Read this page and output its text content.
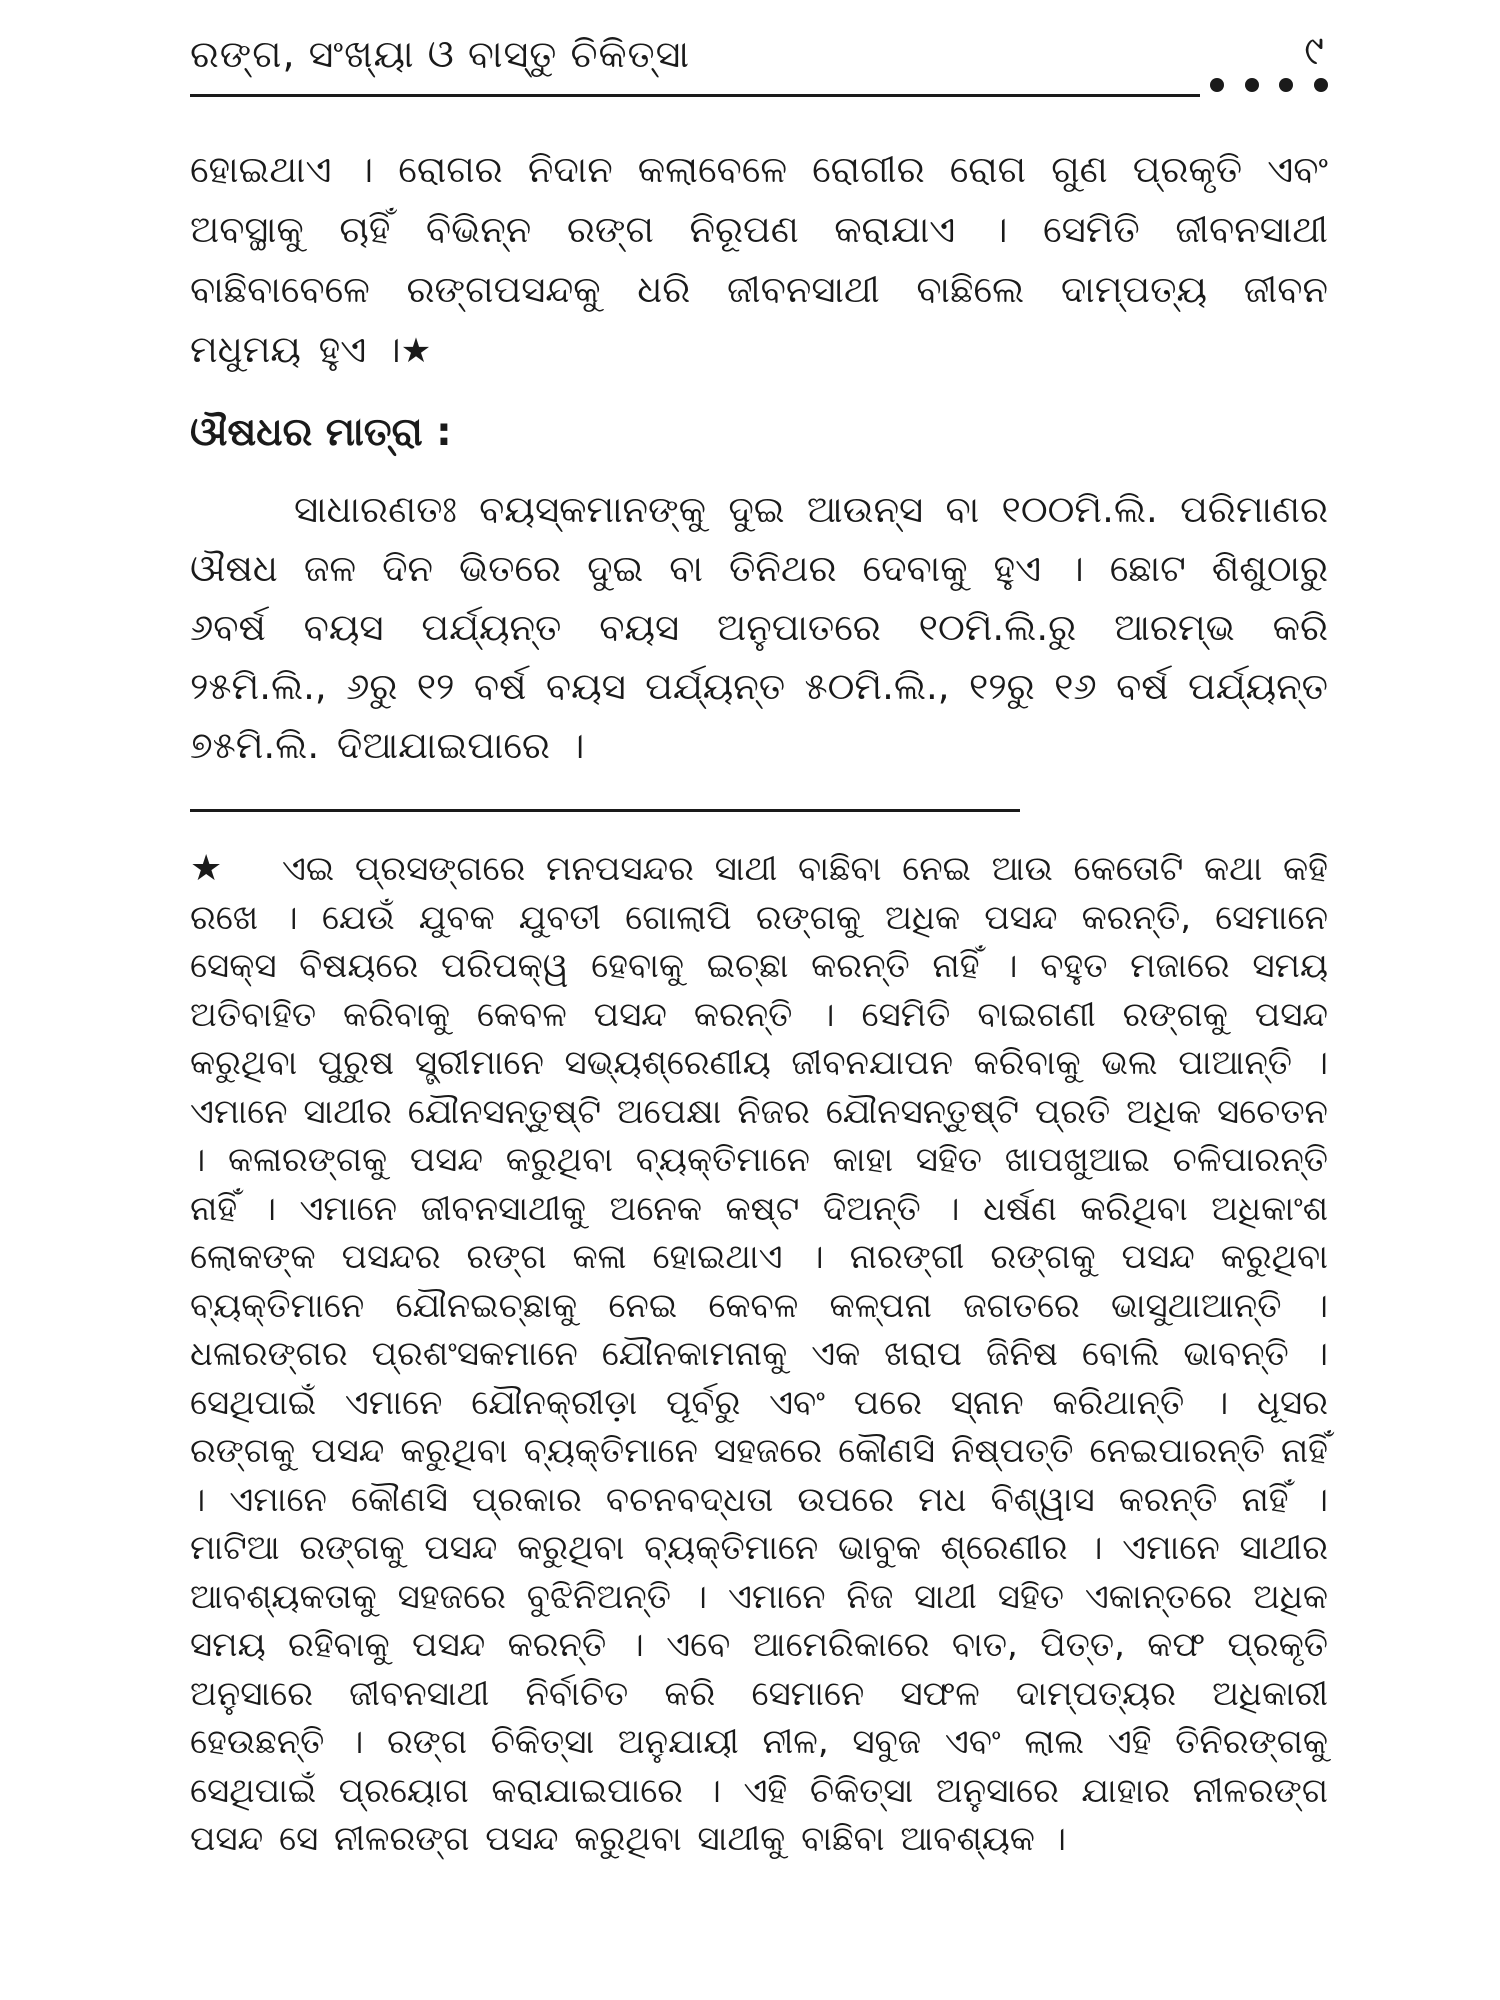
ରଙ୍ଗ, ସଂଖ୍ୟା ଓ ବାସ୍ତୁ ଚିକିତ୍ସା	୯
ହୋଇଥାଏ । ରୋଗର ନିଦାନ କଲାବେଳେ ରୋଗୀର ରୋଗ ଗୁଣ ପ୍ରକୃତି ଏବଂ ଅବସ୍ଥାକୁ ଚାହିଁ ବିଭିନ୍ନ ରଙ୍ଗ ନିରୂପଣ କରାଯାଏ । ସେମିତି ଜୀବନସାଥୀ ବାଛିବାବେଳେ ରଙ୍ଗପସନ୍ଦକୁ ଧରି ଜୀବନସାଥୀ ବାଛିଲେ ଦାମ୍ପତ୍ୟ ଜୀବନ ମଧୁମୟ ହୁଏ ।★
ଔଷଧର ମାତ୍ରା :
ସାଧାରଣତଃ ବୟସ୍କମାନଙ୍କୁ ଦୁଇ ଆଉନ୍ସ ବା ୧୦୦ମି.ଲି. ପରିମାଣର ଔଷଧ ଜଳ ଦିନ ଭିତରେ ଦୁଇ ବା ତିନିଥର ଦେବାକୁ ହୁଏ । ଛୋଟ ଶିଶୁଠାରୁ ୬ବର୍ଷ ବୟସ ପର୍ଯ୍ୟନ୍ତ ବୟସ ଅନୁପାତରେ ୧୦ମି.ଲି.ରୁ ଆରମ୍ଭ କରି ୨୫ମି.ଲି., ୬ରୁ ୧୨ ବର୍ଷ ବୟସ ପର୍ଯ୍ୟନ୍ତ ୫୦ମି.ଲି., ୧୨ରୁ ୧୬ ବର୍ଷ ପର୍ଯ୍ୟନ୍ତ ୭୫ମି.ଲି. ଦିଆଯାଇପାରେ ।
★ ଏଇ ପ୍ରସଙ୍ଗରେ ମନପସନ୍ଦର ସାଥୀ ବାଛିବା ନେଇ ଆଉ କେତୋଟି କଥା କହି ରଖେ । ଯେଉଁ ଯୁବକ ଯୁବତୀ ଗୋଲାପି ରଙ୍ଗକୁ ଅଧିକ ପସନ୍ଦ କରନ୍ତି, ସେମାନେ ସେକ୍ସ ବିଷୟରେ ପରିପକ୍ୱ ହେବାକୁ ଇଚ୍ଛା କରନ୍ତି ନାହିଁ । ବହୁତ ମଜାରେ ସମୟ ଅତିବାହିତ କରିବାକୁ କେବଳ ପସନ୍ଦ କରନ୍ତି । ସେମିତି ବାଇଗଣୀ ରଙ୍ଗକୁ ପସନ୍ଦ କରୁଥିବା ପୁରୁଷ ସ୍ତ୍ରୀମାନେ ସଭ୍ୟଶ୍ରେଣୀୟ ଜୀବନଯାପନ କରିବାକୁ ଭଲ ପାଆନ୍ତି । ଏମାନେ ସାଥୀର ଯୌନସନ୍ତୁଷ୍ଟି ଅପେକ୍ଷା ନିଜର ଯୌନସନ୍ତୁଷ୍ଟି ପ୍ରତି ଅଧିକ ସଚେତନ । କଳାରଙ୍ଗକୁ ପସନ୍ଦ କରୁଥିବା ବ୍ୟକ୍ତିମାନେ କାହା ସହିତ ଖାପଖୁଆଇ ଚଳିପାରନ୍ତି ନାହିଁ । ଏମାନେ ଜୀବନସାଥୀକୁ ଅନେକ କଷ୍ଟ ଦିଅନ୍ତି । ଧର୍ଷଣ କରିଥିବା ଅଧିକାଂଶ ଲୋକଙ୍କ ପସନ୍ଦର ରଙ୍ଗ କଳା ହୋଇଥାଏ । ନାରଙ୍ଗୀ ରଙ୍ଗକୁ ପସନ୍ଦ କରୁଥିବା ବ୍ୟକ୍ତିମାନେ ଯୌନଇଚ୍ଛାକୁ ନେଇ କେବଳ କଳ୍ପନା ଜଗତରେ ଭାସୁଥାଆନ୍ତି । ଧଳାରଙ୍ଗର ପ୍ରଶଂସକମାନେ ଯୌନକାମନାକୁ ଏକ ଖରାପ ଜିନିଷ ବୋଲି ଭାବନ୍ତି । ସେଥିପାଇଁ ଏମାନେ ଯୌନକ୍ରୀଡ଼ା ପୂର୍ବରୁ ଏବଂ ପରେ ସ୍ନାନ କରିଥାନ୍ତି । ଧୂସର ରଙ୍ଗକୁ ପସନ୍ଦ କରୁଥିବା ବ୍ୟକ୍ତିମାନେ ସହଜରେ କୌଣସି ନିଷ୍ପତ୍ତି ନେଇପାରନ୍ତି ନାହିଁ । ଏମାନେ କୌଣସି ପ୍ରକାର ବଚନବଦ୍ଧତା ଉପରେ ମଧ ବିଶ୍ୱାସ କରନ୍ତି ନାହିଁ । ମାଟିଆ ରଙ୍ଗକୁ ପସନ୍ଦ କରୁଥିବା ବ୍ୟକ୍ତିମାନେ ଭାବୁକ ଶ୍ରେଣୀର । ଏମାନେ ସାଥୀର ଆବଶ୍ୟକତାକୁ ସହଜରେ ବୁଝିନିଅନ୍ତି । ଏମାନେ ନିଜ ସାଥୀ ସହିତ ଏକାନ୍ତରେ ଅଧିକ ସମୟ ରହିବାକୁ ପସନ୍ଦ କରନ୍ତି । ଏବେ ଆମେରିକାରେ ବାତ, ପିତ୍ତ, କଫ ପ୍ରକୃତି ଅନୁସାରେ ଜୀବନସାଥୀ ନିର୍ବାଚିତ କରି ସେମାନେ ସଫଳ ଦାମ୍ପତ୍ୟର ଅଧିକାରୀ ହେଉଛନ୍ତି । ରଙ୍ଗ ଚିକିତ୍ସା ଅନୁଯାୟୀ ନୀଳ, ସବୁଜ ଏବଂ ଲାଲ ଏହି ତିନିରଙ୍ଗକୁ ସେଥିପାଇଁ ପ୍ରୟୋଗ କରାଯାଇପାରେ । ଏହି ଚିକିତ୍ସା ଅନୁସାରେ ଯାହାର ନୀଳରଙ୍ଗ ପସନ୍ଦ ସେ ନୀଳରଙ୍ଗ ପସନ୍ଦ କରୁଥିବା ସାଥୀକୁ ବାଛିବା ଆବଶ୍ୟକ ।
